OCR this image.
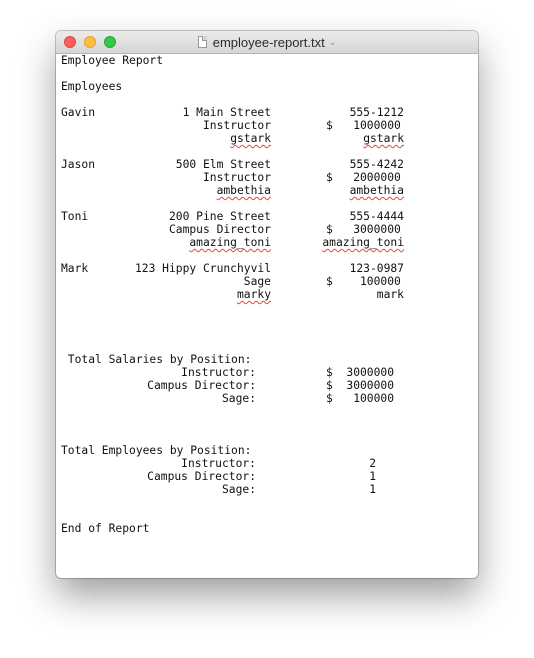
employee-report.txt ⌄
Employee Report
Employees
Gavin	1 Main Street	555-1212
Instructor	$   1000000
gstark	gstark
Jason	500 Elm Street	555-4242
Instructor	$   2000000
ambethia	ambethia
Toni	200 Pine Street	555-4444
Campus Director	$   3000000
amazing_toni	amazing_toni
Mark	123 Hippy Crunchyvil	123-0987
Sage	$    100000
marky	mark
Total Salaries by Position:
Instructor:	$  3000000
Campus Director:	$  3000000
Sage:	$   100000
Total Employees by Position:
Instructor:	2
Campus Director:	1
Sage:	1
End of Report
